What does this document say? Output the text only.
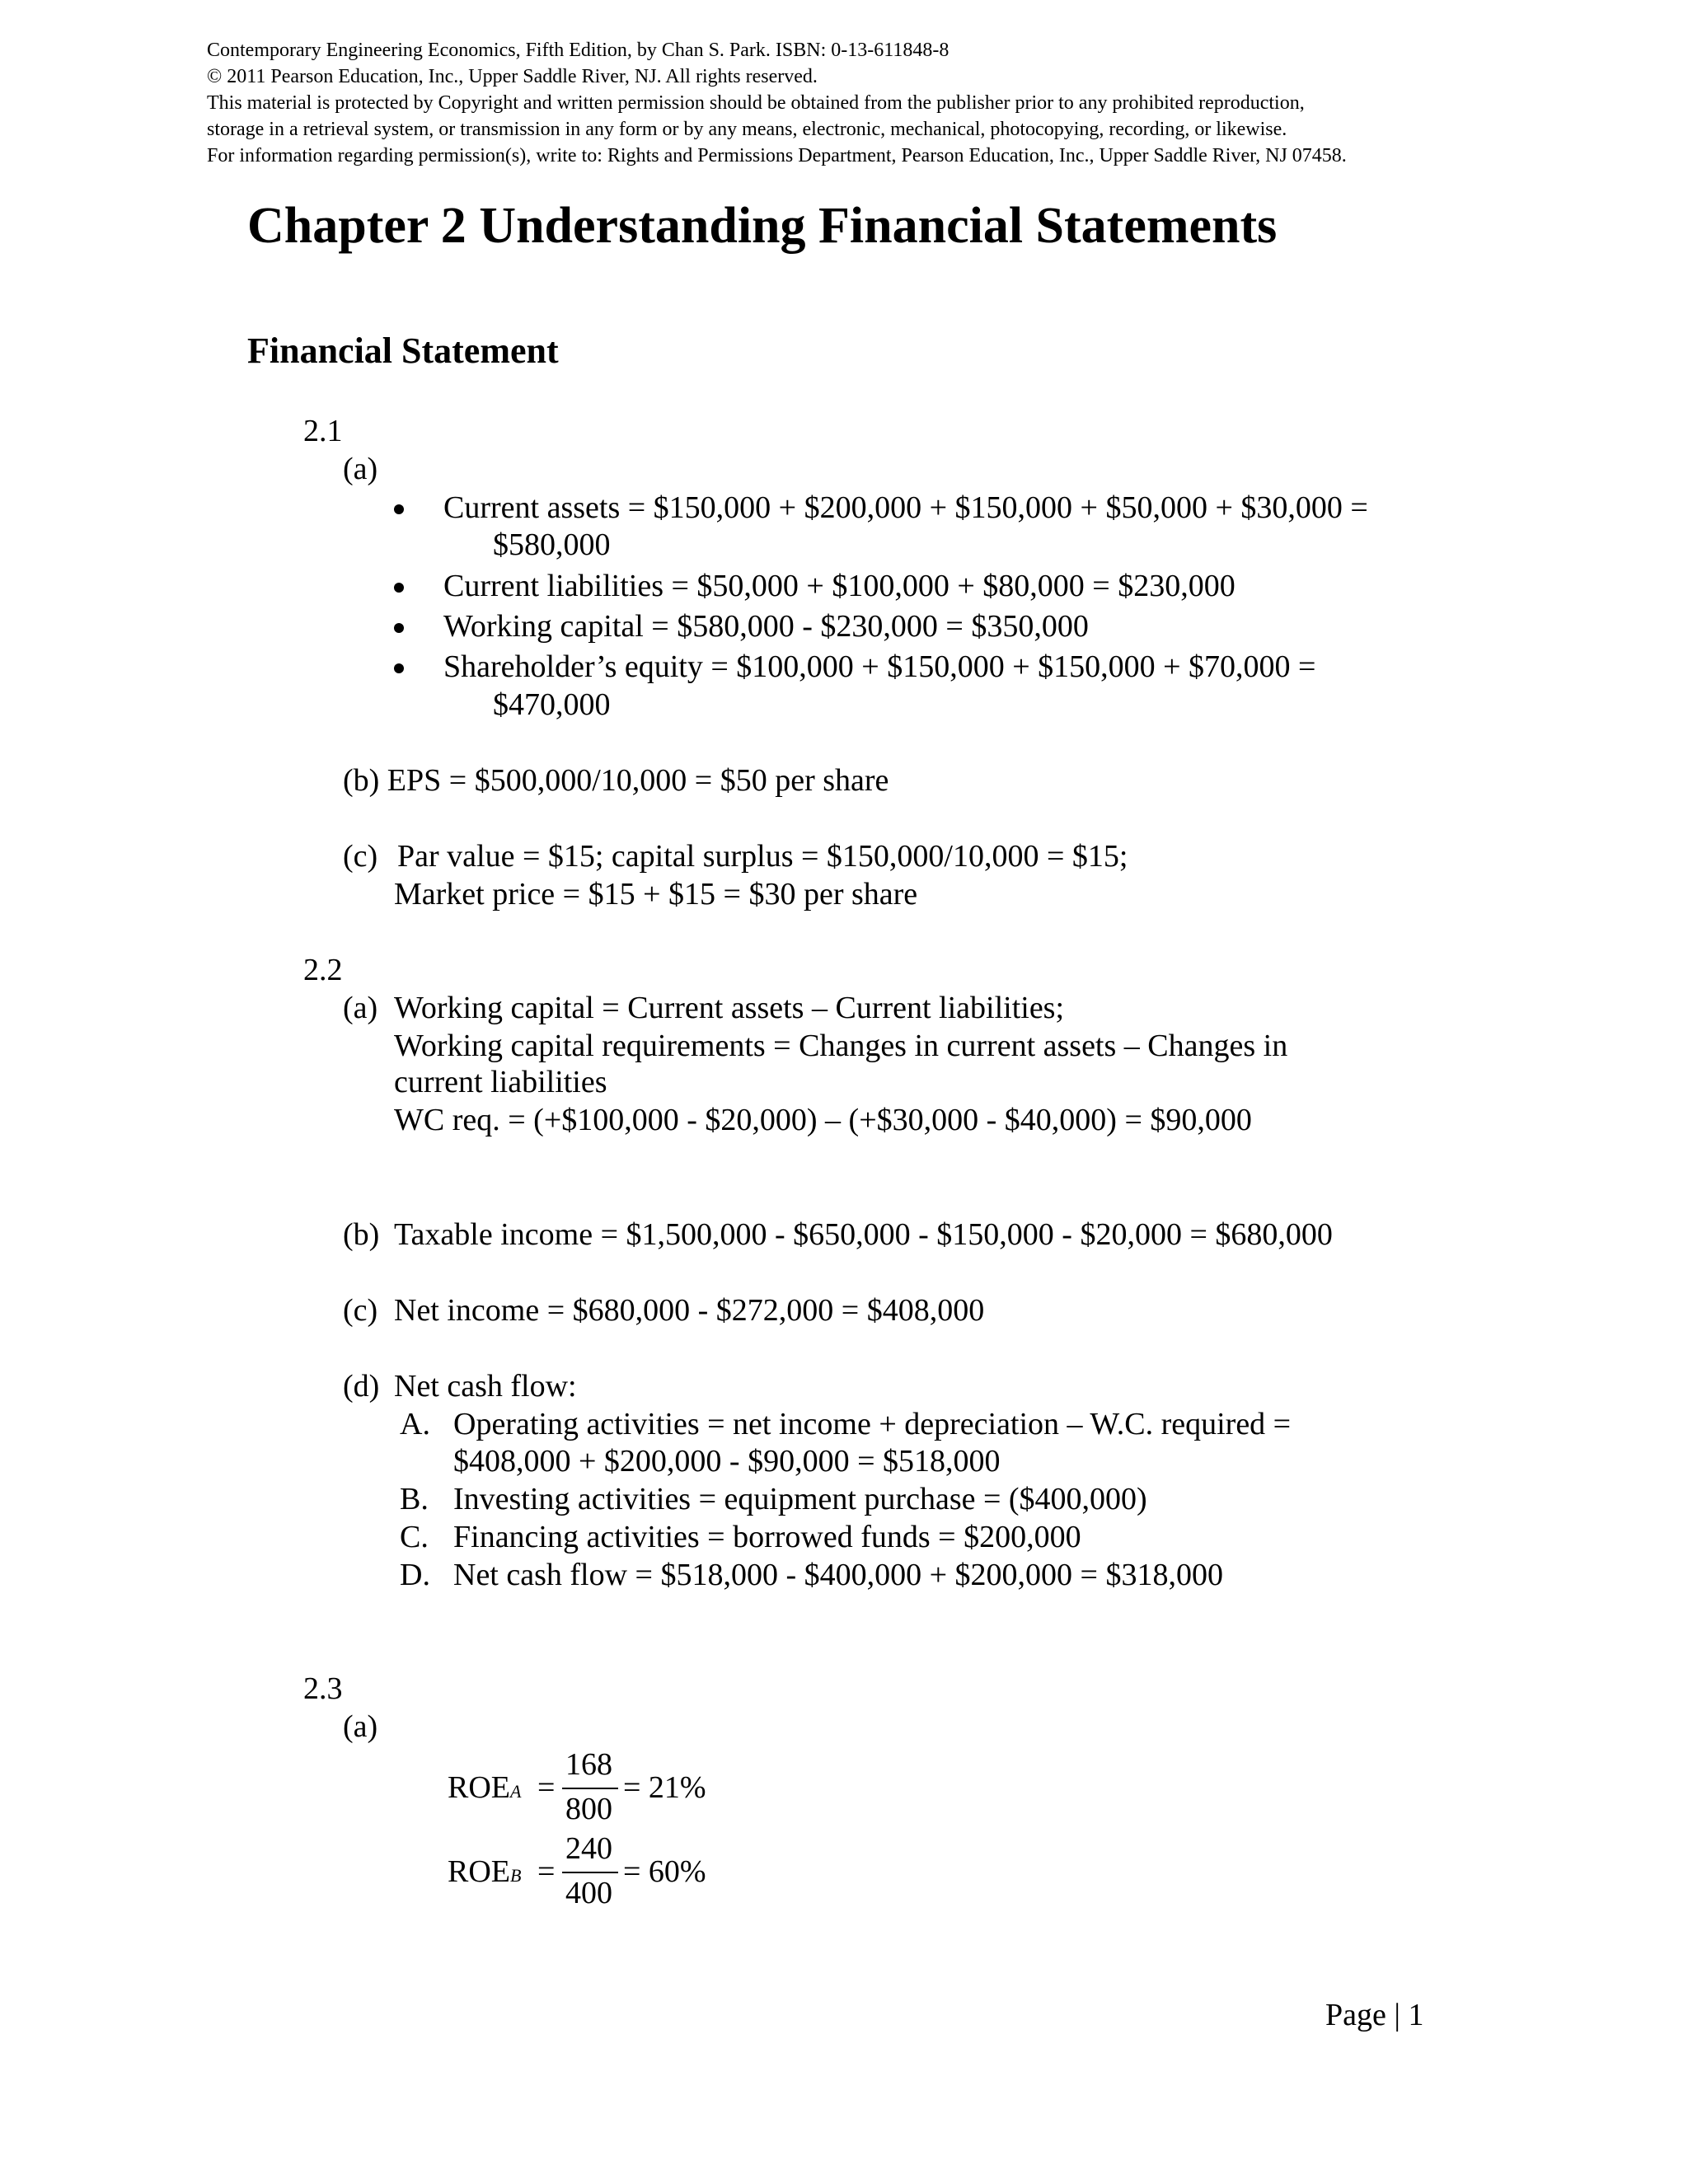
Contemporary Engineering Economics, Fifth Edition, by Chan S. Park. ISBN: 0-13-611848-8
© 2011 Pearson Education, Inc., Upper Saddle River, NJ. All rights reserved.
This material is protected by Copyright and written permission should be obtained from the publisher prior to any prohibited reproduction,
storage in a retrieval system, or transmission in any form or by any means, electronic, mechanical, photocopying, recording, or likewise.
For information regarding permission(s), write to: Rights and Permissions Department, Pearson Education, Inc., Upper Saddle River, NJ 07458.
Chapter 2 Understanding Financial Statements
Financial Statement
2.1
(a)
Current assets = $150,000 + $200,000 + $150,000 + $50,000 + $30,000 =
$580,000
Current liabilities = $50,000 + $100,000 + $80,000 = $230,000
Working capital = $580,000 - $230,000 = $350,000
Shareholder’s equity = $100,000 + $150,000 + $150,000 + $70,000 =
$470,000
(b) EPS = $500,000/10,000 = $50 per share
(c) Par value = $15; capital surplus = $150,000/10,000 = $15;
Market price = $15 + $15 = $30 per share
2.2
(a) Working capital = Current assets – Current liabilities;
Working capital requirements = Changes in current assets – Changes in
current liabilities
WC req. = (+$100,000 - $20,000) – (+$30,000 - $40,000) = $90,000
(b) Taxable income = $1,500,000 - $650,000 - $150,000 - $20,000 = $680,000
(c) Net income = $680,000 - $272,000 = $408,000
(d) Net cash flow:
A. Operating activities = net income + depreciation – W.C. required =
$408,000 + $200,000 - $90,000 = $518,000
B. Investing activities = equipment purchase = ($400,000)
C. Financing activities = borrowed funds = $200,000
D. Net cash flow = $518,000 - $400,000 + $200,000 = $318,000
2.3
(a)
ROEA =
168
800
= 21%
ROEB =
240
400
= 60%
Page | 1
